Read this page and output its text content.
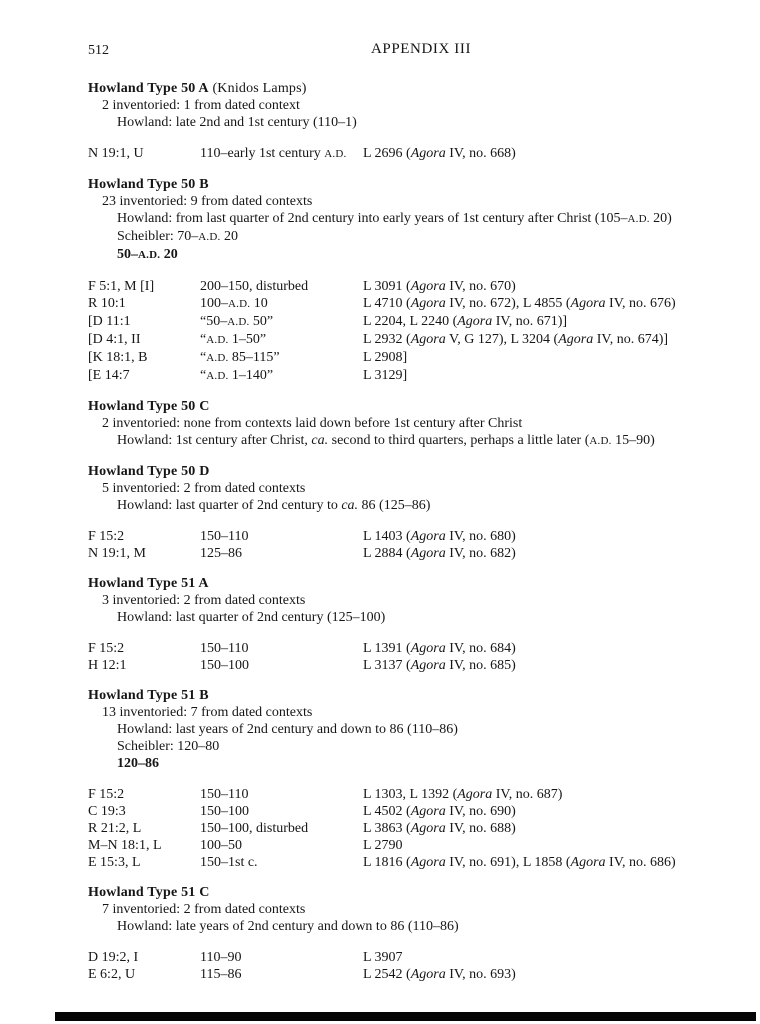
512	APPENDIX III
Howland Type 50 A (Knidos Lamps)
2 inventoried: 1 from dated context
Howland: late 2nd and 1st century (110–1)
N 19:1, U	110–early 1st century A.D.	L 2696 (Agora IV, no. 668)
Howland Type 50 B
23 inventoried: 9 from dated contexts
Howland: from last quarter of 2nd century into early years of 1st century after Christ (105–A.D. 20)
Scheibler: 70–A.D. 20
50–A.D. 20
F 5:1, M [I]	200–150, disturbed	L 3091 (Agora IV, no. 670)
R 10:1	100–A.D. 10	L 4710 (Agora IV, no. 672), L 4855 (Agora IV, no. 676)
[D 11:1	“50–A.D. 50”	L 2204, L 2240 (Agora IV, no. 671)]
[D 4:1, II	“A.D. 1–50”	L 2932 (Agora V, G 127), L 3204 (Agora IV, no. 674)]
[K 18:1, B	“A.D. 85–115”	L 2908]
[E 14:7	“A.D. 1–140”	L 3129]
Howland Type 50 C
2 inventoried: none from contexts laid down before 1st century after Christ
Howland: 1st century after Christ, ca. second to third quarters, perhaps a little later (A.D. 15–90)
Howland Type 50 D
5 inventoried: 2 from dated contexts
Howland: last quarter of 2nd century to ca. 86 (125–86)
F 15:2	150–110	L 1403 (Agora IV, no. 680)
N 19:1, M	125–86	L 2884 (Agora IV, no. 682)
Howland Type 51 A
3 inventoried: 2 from dated contexts
Howland: last quarter of 2nd century (125–100)
F 15:2	150–110	L 1391 (Agora IV, no. 684)
H 12:1	150–100	L 3137 (Agora IV, no. 685)
Howland Type 51 B
13 inventoried: 7 from dated contexts
Howland: last years of 2nd century and down to 86 (110–86)
Scheibler: 120–80
120–86
F 15:2	150–110	L 1303, L 1392 (Agora IV, no. 687)
C 19:3	150–100	L 4502 (Agora IV, no. 690)
R 21:2, L	150–100, disturbed	L 3863 (Agora IV, no. 688)
M–N 18:1, L	100–50	L 2790
E 15:3, L	150–1st c.	L 1816 (Agora IV, no. 691), L 1858 (Agora IV, no. 686)
Howland Type 51 C
7 inventoried: 2 from dated contexts
Howland: late years of 2nd century and down to 86 (110–86)
D 19:2, I	110–90	L 3907
E 6:2, U	115–86	L 2542 (Agora IV, no. 693)
